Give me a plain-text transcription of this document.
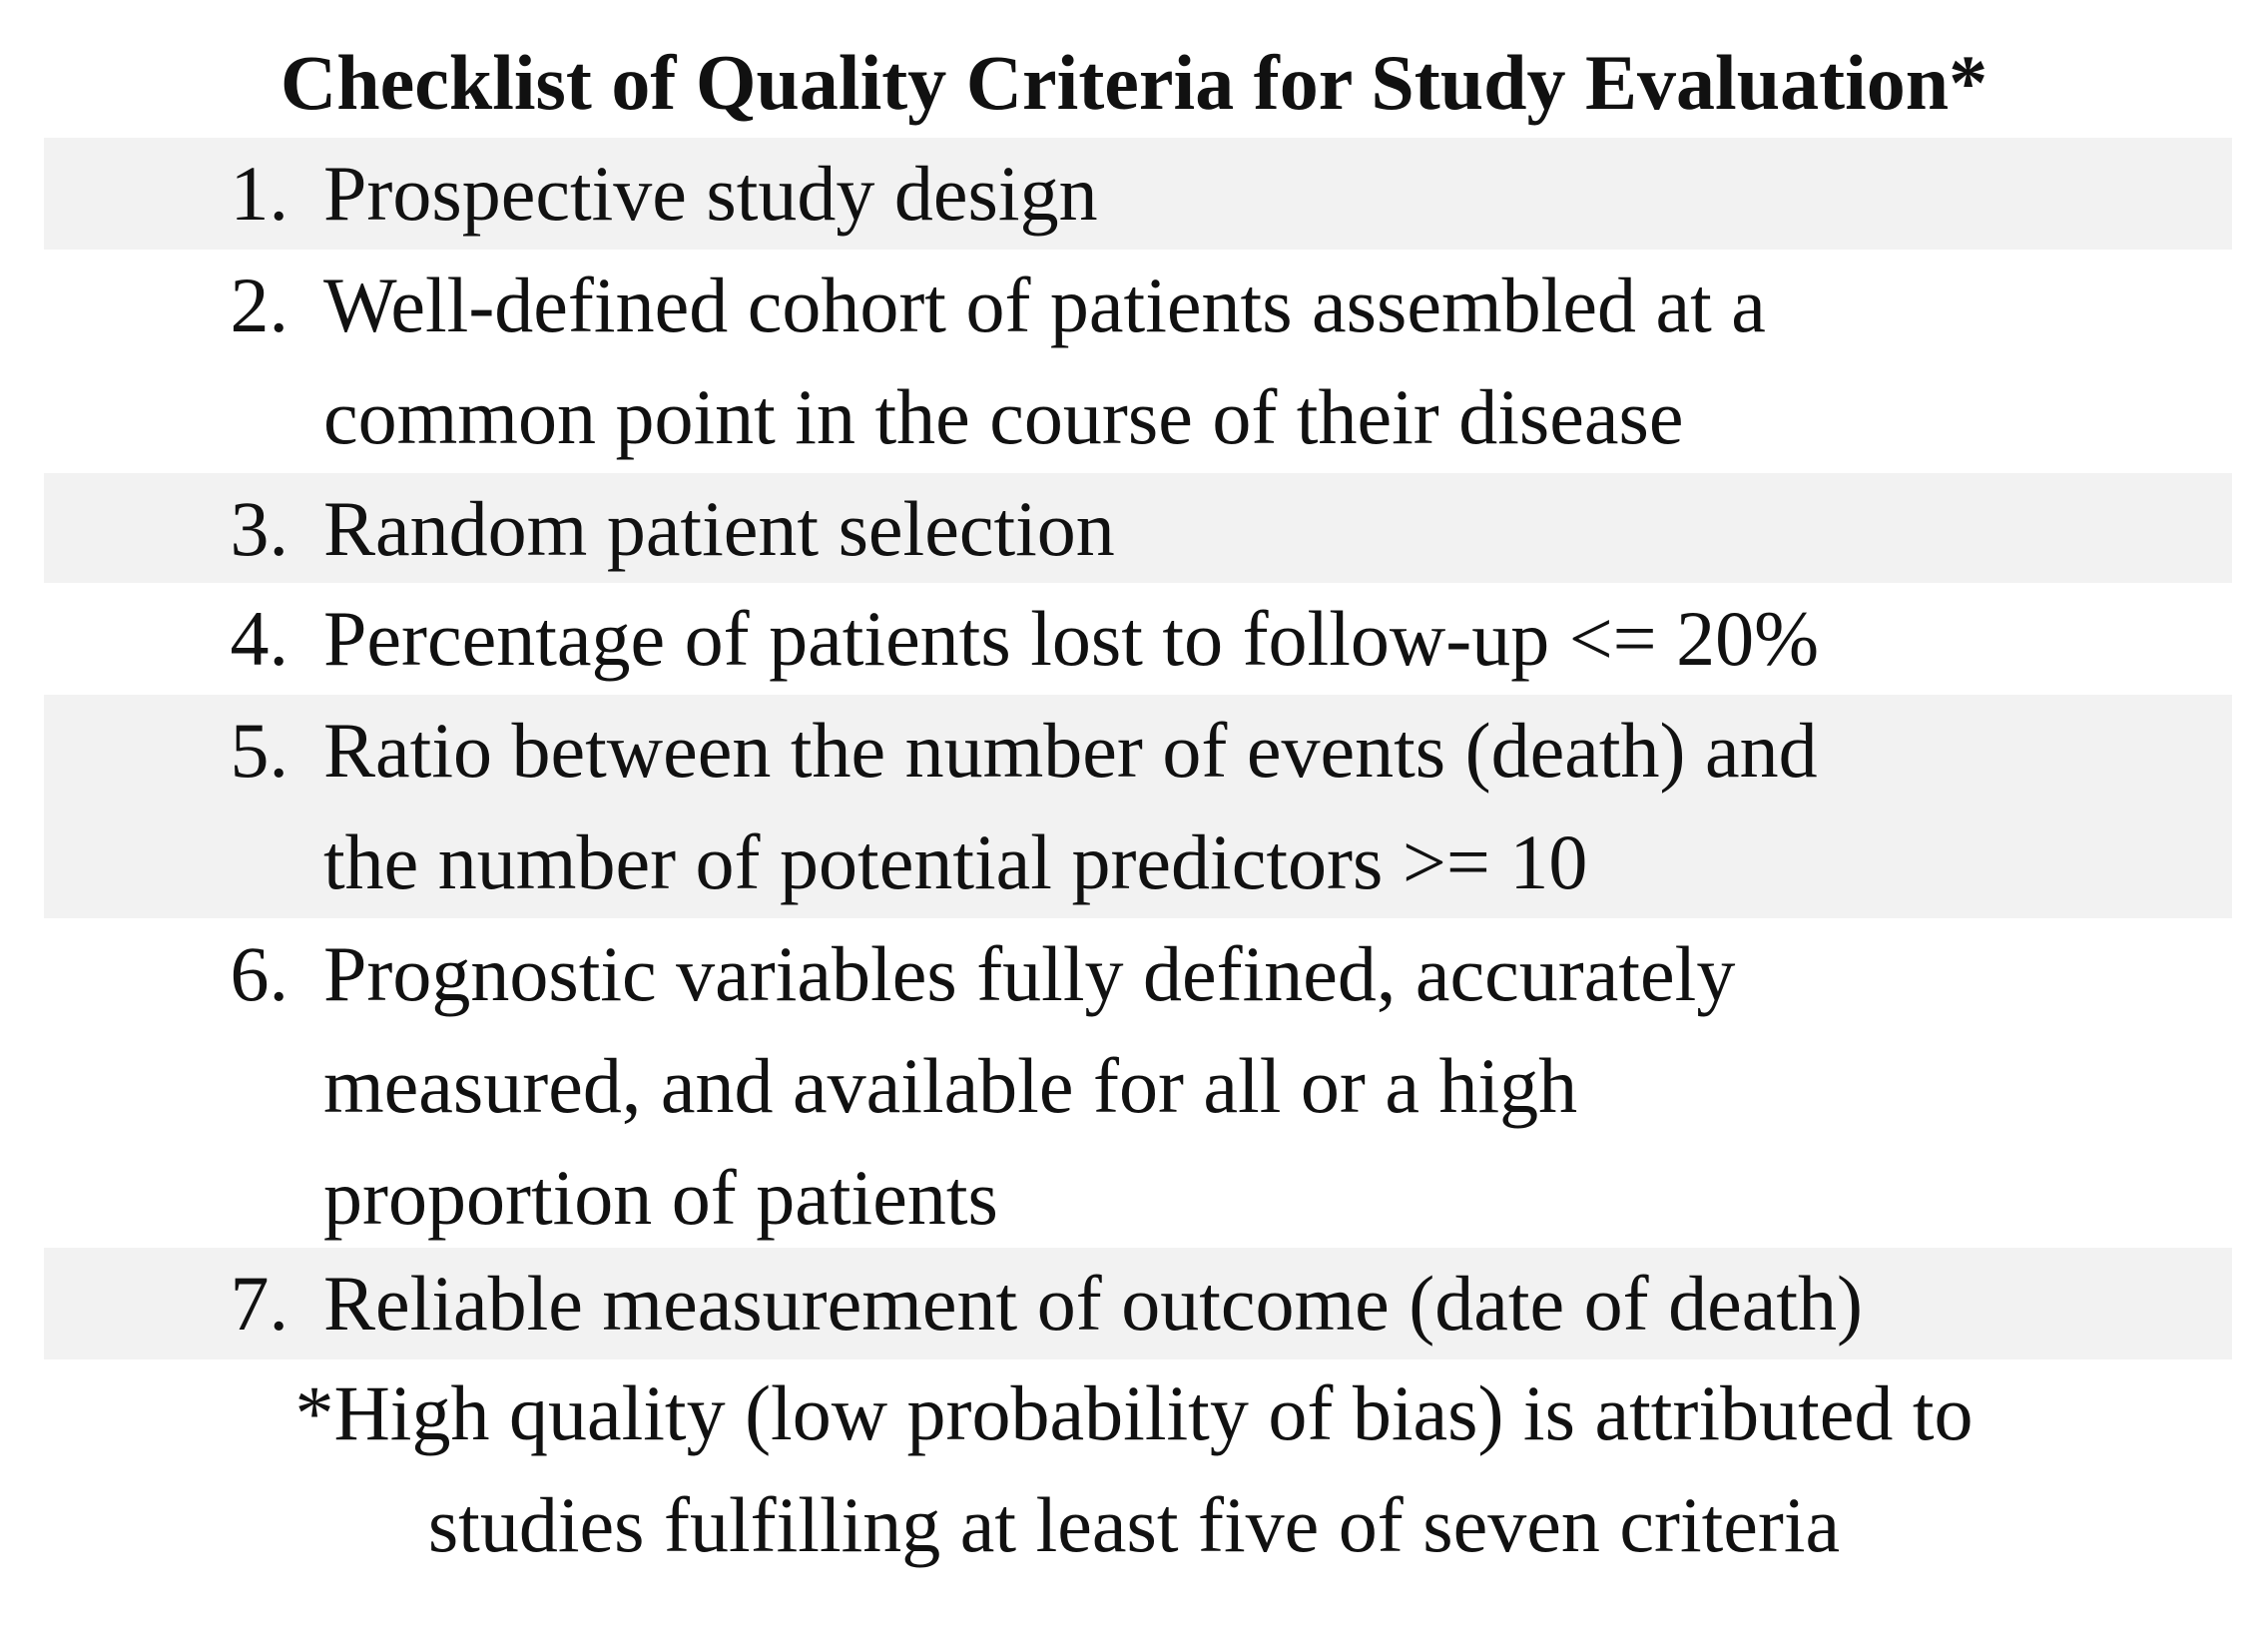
Checklist of Quality Criteria for Study Evaluation*
1. Prospective study design
2. Well-defined cohort of patients assembled at a
common point in the course of their disease
3. Random patient selection
4. Percentage of patients lost to follow-up <= 20%
5. Ratio between the number of events (death) and
the number of potential predictors >= 10
6. Prognostic variables fully defined, accurately
measured, and available for all or a high
proportion of patients
7. Reliable measurement of outcome (date of death)
*High quality (low probability of bias) is attributed to
studies fulfilling at least five of seven criteria
